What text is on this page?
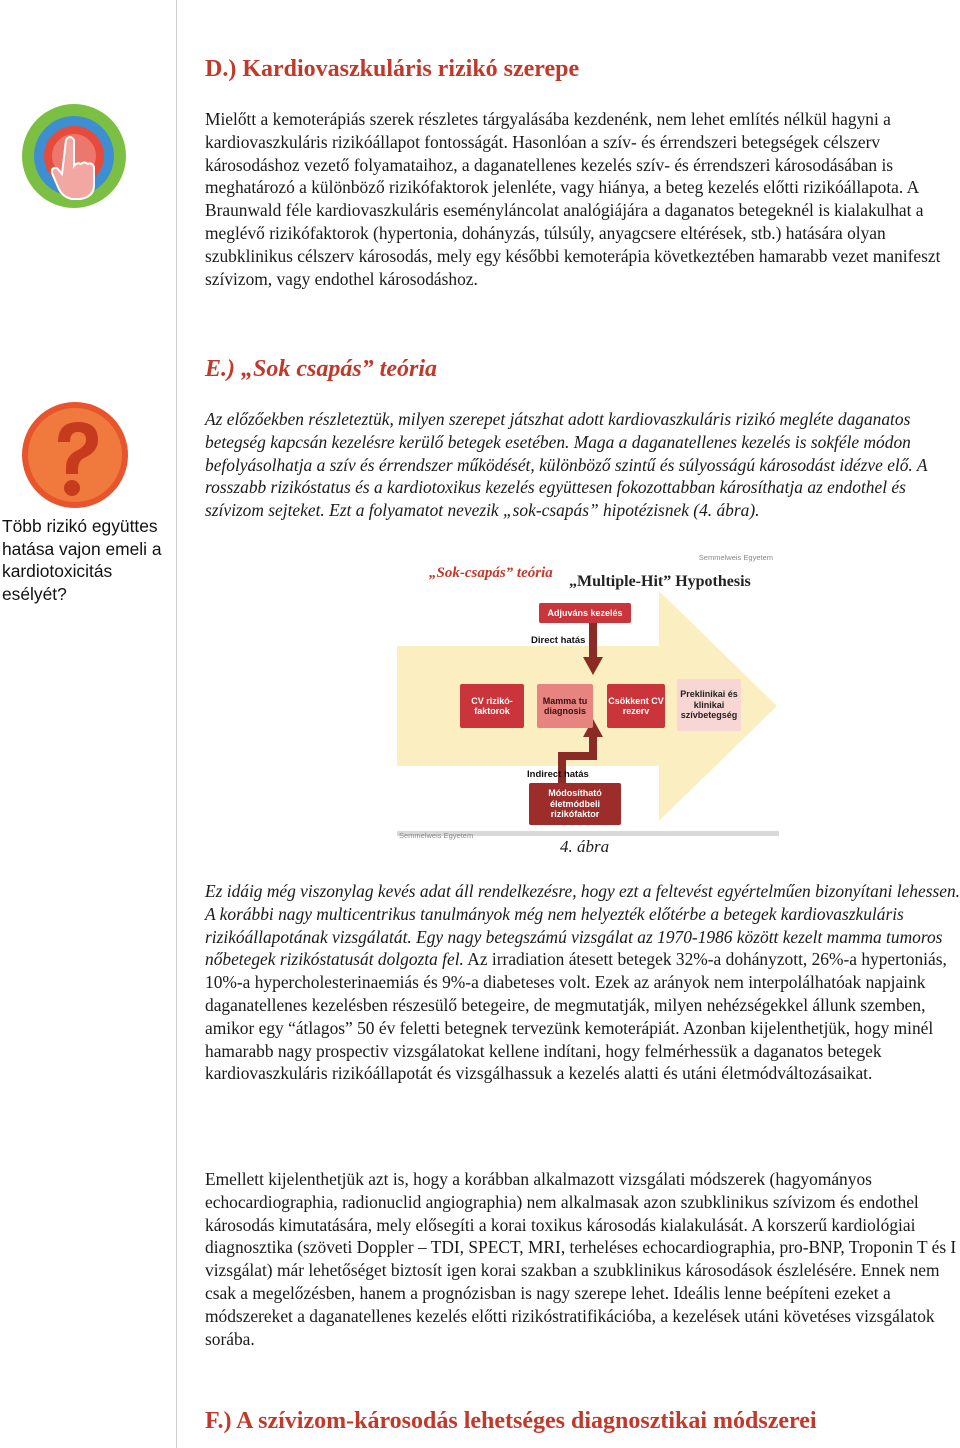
D.) Kardiovaszkuláris rizikó szerepe

Mielőtt a kemoterápiás szerek részletes tárgyalásába kezdenénk, nem lehet említés nélkül hagyni a kardiovaszkuláris rizikóállapot fontosságát. Hasonlóan a szív- és érrendszeri betegségek célszerv károsodáshoz vezető folyamataihoz, a daganatellenes kezelés szív- és érrendszeri károsodásában is meghatározó a különböző rizikófaktorok jelenléte, vagy hiánya, a beteg kezelés előtti rizikóállapota. A Braunwald féle kardiovaszkuláris eseményláncolat analógiájára a daganatos betegeknél is kialakulhat a meglévő rizikófaktorok (hypertonia, dohányzás, túlsúly, anyagcsere eltérések, stb.) hatására olyan szubklinikus célszerv károsodás, mely egy későbbi kemoterápia következtében hamarabb vezet manifeszt szívizom, vagy endothel károsodáshoz.

E.) „Sok csapás” teória

Az előzőekben részleteztük, milyen szerepet játszhat adott kardiovaszkuláris rizikó megléte daganatos betegség kapcsán kezelésre kerülő betegek esetében. Maga a daganatellenes kezelés is sokféle módon befolyásolhatja a szív és érrendszer működését, különböző szintű és súlyosságú károsodást idézve elő. A rosszabb rizikóstatus és a kardiotoxikus kezelés együttesen fokozottabban károsíthatja az endothel és szívizom sejteket. Ezt a folyamatot nevezik „sok-csapás” hipotézisnek (4. ábra).

Több rizikó együttes hatása vajon emeli a kardiotoxicitás esélyét?
Semmelweis Egyetem
„Sok-csapás” teória „Multiple-Hit” Hypothesis
Adjuváns kezelés
Direct hatás
CV rizikó-faktorok
Mamma tu diagnosis
Csökkent CV rezerv
Preklinikai és klinikai szívbetegség
Indirect hatás
Módosítható életmódbeli rizikófaktor
Semmelweis Egyetem
4. ábra

Ez idáig még viszonylag kevés adat áll rendelkezésre, hogy ezt a feltevést egyértelműen bizonyítani lehessen. A korábbi nagy multicentrikus tanulmányok még nem helyezték előtérbe a betegek kardiovaszkuláris rizikóállapotának vizsgálatát. Egy nagy betegszámú vizsgálat az 1970-1986 között kezelt mamma tumoros nőbetegek rizikóstatusát dolgozta fel. Az irradiation átesett betegek 32%-a dohányzott, 26%-a hypertoniás, 10%-a hypercholesterinaemiás és 9%-a diabeteses volt. Ezek az arányok nem interpolálhatóak napjaink daganatellenes kezelésben részesülő betegeire, de megmutatják, milyen nehézségekkel állunk szemben, amikor egy “átlagos” 50 év feletti betegnek tervezünk kemoterápiát. Azonban kijelenthetjük, hogy minél hamarabb nagy prospectiv vizsgálatokat kellene indítani, hogy felmérhessük a daganatos betegek kardiovaszkuláris rizikóállapotát és vizsgálhassuk a kezelés alatti és utáni életmódváltozásaikat.

Emellett kijelenthetjük azt is, hogy a korábban alkalmazott vizsgálati módszerek (hagyományos echocardiographia, radionuclid angiographia) nem alkalmasak azon szubklinikus szívizom és endothel károsodás kimutatására, mely elősegíti a korai toxikus károsodás kialakulását. A korszerű kardiológiai diagnosztika (szöveti Doppler – TDI, SPECT, MRI, terheléses echocardiographia, pro-BNP, Troponin T és I vizsgálat) már lehetőséget biztosít igen korai szakban a szubklinikus károsodások észlelésére. Ennek nem csak a megelőzésben, hanem a prognózisban is nagy szerepe lehet. Ideális lenne beépíteni ezeket a módszereket a daganatellenes kezelés előtti rizikóstratifikációba, a kezelések utáni követéses vizsgálatok sorába.

F.) A szívizom-károsodás lehetséges diagnosztikai módszerei
